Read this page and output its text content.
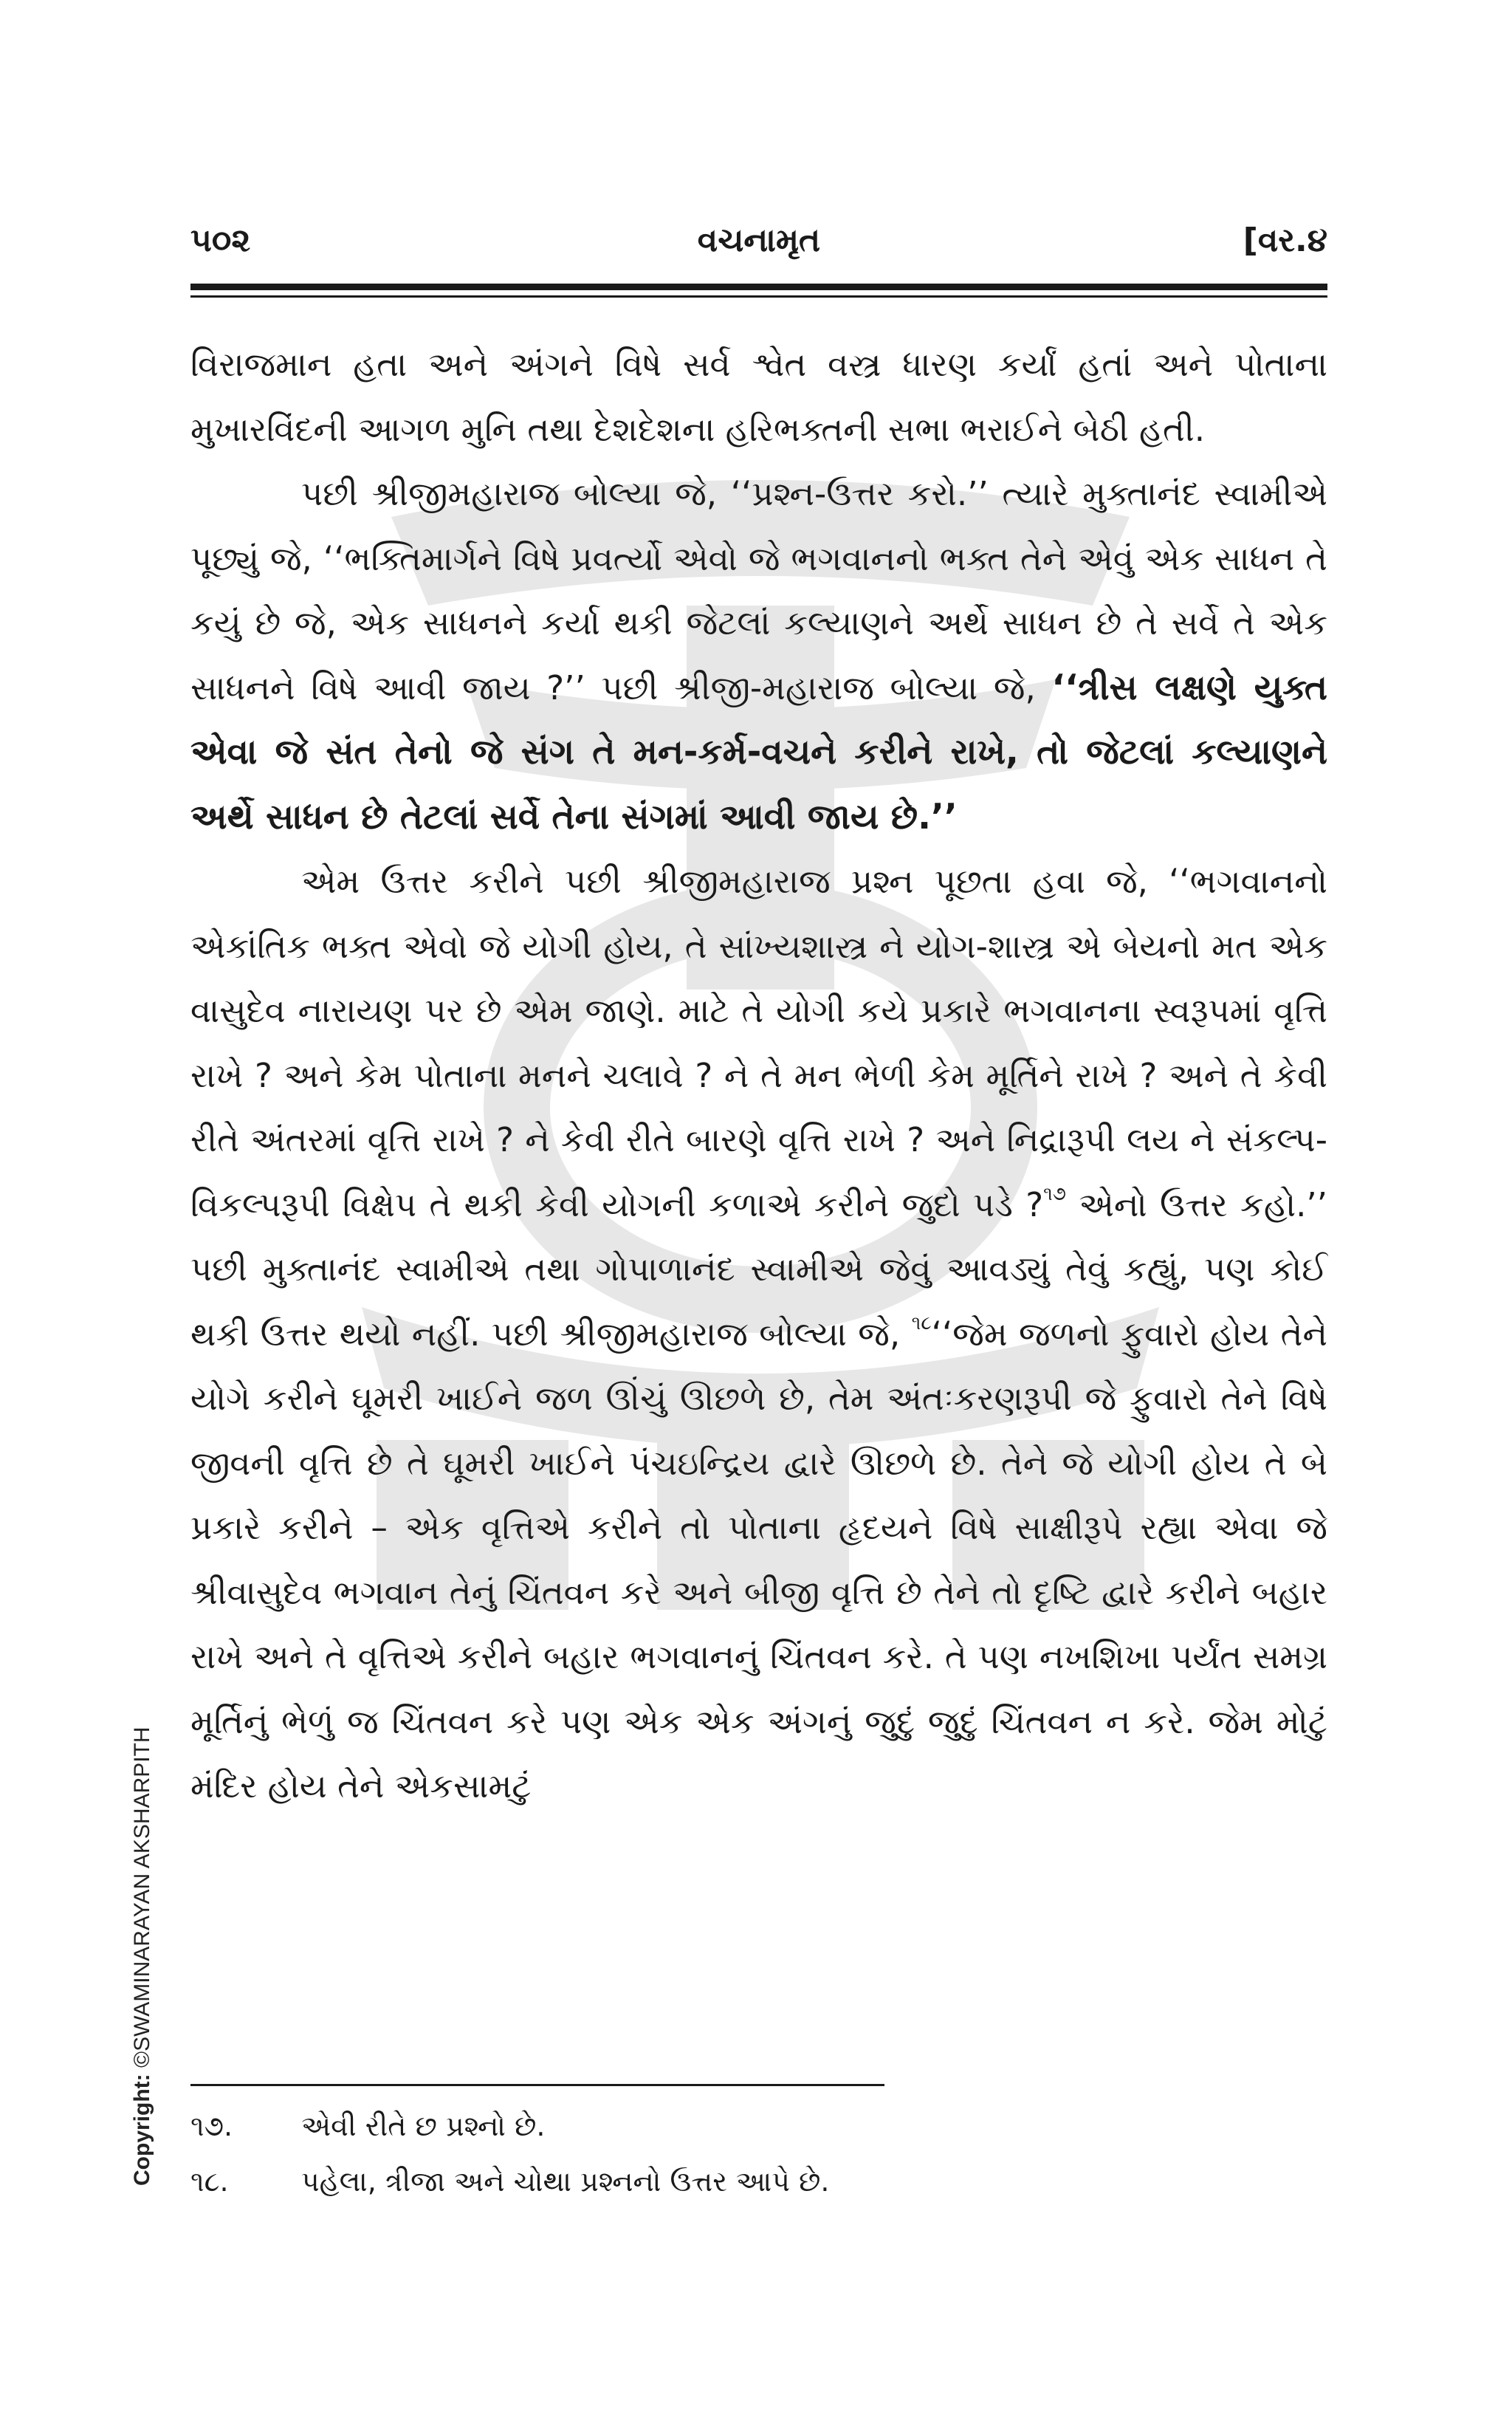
૫૦૨	વચનામૃત	[વર.૪

વિરાજમાન હતા અને અંગને વિષે સર્વ શ્વેત વસ્ત્ર ધારણ કર્યાં હતાં અને પોતાના મુખારવિંદની આગળ મુનિ તથા દેશદેશના હરિભક્તની સભા ભરાઈને બેઠી હતી.

પછી શ્રીજીમહારાજ બોલ્યા જે, ‘‘પ્રશ્ન-ઉત્તર કરો.’’ ત્યારે મુક્તાનંદ સ્વામીએ પૂછ્યું જે, ‘‘ભક્તિમાર્ગને વિષે પ્રવર્ત્યો એવો જે ભગવાનનો ભક્ત તેને એવું એક સાધન તે કયું છે જે, એક સાધનને કર્યા થકી જેટલાં કલ્યાણને અર્થે સાધન છે તે સર્વે તે એક સાધનને વિષે આવી જાય ?’’ પછી શ્રીજી-મહારાજ બોલ્યા જે, ‘‘ત્રીસ લક્ષણે યુક્ત એવા જે સંત તેનો જે સંગ તે મન-કર્મ-વચને કરીને રાખે, તો જેટલાં કલ્યાણને અર્થે સાધન છે તેટલાં સર્વે તેના સંગમાં આવી જાય છે.’’

એમ ઉત્તર કરીને પછી શ્રીજીમહારાજ પ્રશ્ન પૂછતા હવા જે, ‘‘ભગવાનનો એકાંતિક ભક્ત એવો જે યોગી હોય, તે સાંખ્યશાસ્ત્ર ને યોગ-શાસ્ત્ર એ બેયનો મત એક વાસુદેવ નારાયણ પર છે એમ જાણે. માટે તે યોગી કયે પ્રકારે ભગવાનના સ્વરૂપમાં વૃત્તિ રાખે ? અને કેમ પોતાના મનને ચલાવે ? ને તે મન ભેળી કેમ મૂર્તિને રાખે ? અને તે કેવી રીતે અંતરમાં વૃત્તિ રાખે ? ને કેવી રીતે બારણે વૃત્તિ રાખે ? અને નિદ્રારૂપી લય ને સંકલ્પ-વિકલ્પરૂપી વિક્ષેપ તે થકી કેવી યોગની કળાએ કરીને જુદો પડે ?$^{૧૭}$ એનો ઉત્તર કહો.’’ પછી મુક્તાનંદ સ્વામીએ તથા ગોપાળાનંદ સ્વામીએ જેવું આવડ્યું તેવું કહ્યું, પણ કોઈ થકી ઉત્તર થયો નહીં. પછી શ્રીજીમહારાજ બોલ્યા જે, $^{૧૮}$‘‘જેમ જળનો ફુવારો હોય તેને યોગે કરીને ઘૂમરી ખાઈને જળ ઊંચું ઊછળે છે, તેમ અંતઃકરણરૂપી જે ફુવારો તેને વિષે જીવની વૃત્તિ છે તે ઘૂમરી ખાઈને પંચઇન્દ્રિય દ્વારે ઊછળે છે. તેને જે યોગી હોય તે બે પ્રકારે કરીને – એક વૃત્તિએ કરીને તો પોતાના હૃદયને વિષે સાક્ષીરૂપે રહ્યા એવા જે શ્રીવાસુદેવ ભગવાન તેનું ચિંતવન કરે અને બીજી વૃત્તિ છે તેને તો દૃષ્ટિ દ્વારે કરીને બહાર રાખે અને તે વૃત્તિએ કરીને બહાર ભગવાનનું ચિંતવન કરે. તે પણ નખશિખા પર્યંત સમગ્ર મૂર્તિનું ભેળું જ ચિંતવન કરે પણ એક એક અંગનું જુદું જુદું ચિંતવન ન કરે. જેમ મોટું મંદિર હોય તેને એકસામટું

૧૭.	એવી રીતે છ પ્રશ્નો છે.
૧૮.	પહેલા, ત્રીજા અને ચોથા પ્રશ્નનો ઉત્તર આપે છે.
Copyright: ©SWAMINARAYAN AKSHARPITH
